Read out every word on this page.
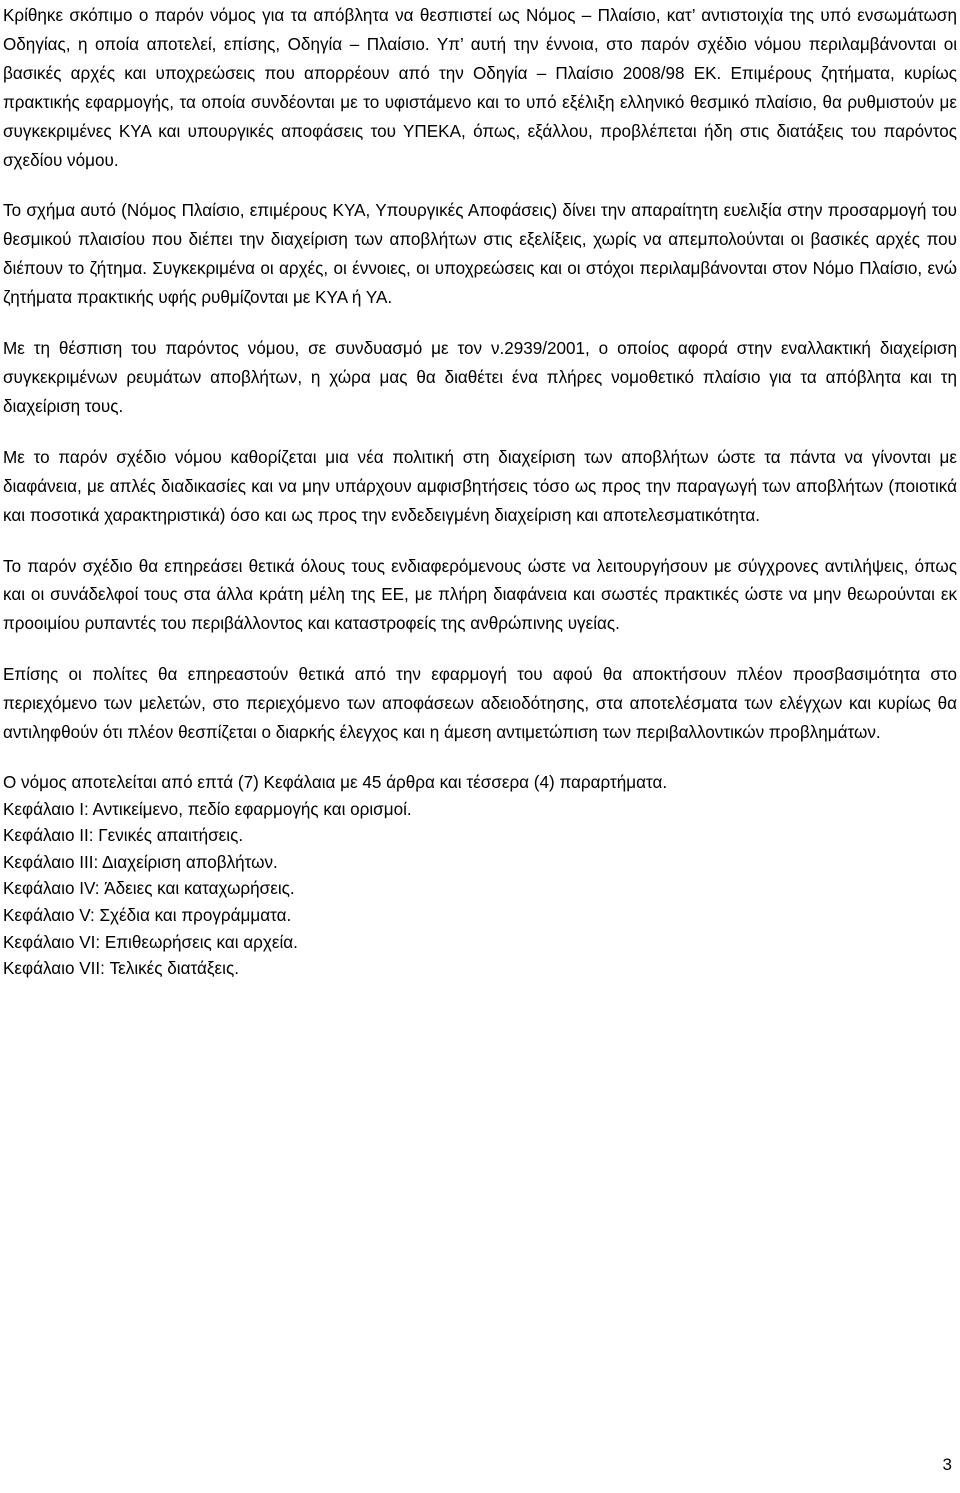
Κρίθηκε σκόπιμο ο παρόν νόμος για τα απόβλητα να θεσπιστεί ως Νόμος – Πλαίσιο, κατ’ αντιστοιχία της υπό ενσωμάτωση Οδηγίας, η οποία αποτελεί, επίσης, Οδηγία – Πλαίσιο. Υπ’ αυτή την έννοια, στο παρόν σχέδιο νόμου περιλαμβάνονται οι βασικές αρχές και υποχρεώσεις που απορρέουν από την Οδηγία – Πλαίσιο 2008/98 ΕΚ. Επιμέρους ζητήματα, κυρίως πρακτικής εφαρμογής, τα οποία συνδέονται με το υφιστάμενο και το υπό εξέλιξη ελληνικό θεσμικό πλαίσιο, θα ρυθμιστούν με συγκεκριμένες ΚΥΑ και υπουργικές αποφάσεις του ΥΠΕΚΑ, όπως, εξάλλου, προβλέπεται ήδη στις διατάξεις του παρόντος σχεδίου νόμου.

Το σχήμα αυτό (Νόμος Πλαίσιο, επιμέρους ΚΥΑ, Υπουργικές Αποφάσεις) δίνει την απαραίτητη ευελιξία στην προσαρμογή του θεσμικού πλαισίου που διέπει την διαχείριση των αποβλήτων στις εξελίξεις, χωρίς να απεμπολούνται οι βασικές αρχές που διέπουν το ζήτημα. Συγκεκριμένα οι αρχές, οι έννοιες, οι υποχρεώσεις και οι στόχοι περιλαμβάνονται στον Νόμο Πλαίσιο, ενώ ζητήματα πρακτικής υφής ρυθμίζονται με ΚΥΑ ή ΥΑ.

Με τη θέσπιση του παρόντος νόμου, σε συνδυασμό με τον ν.2939/2001, ο οποίος αφορά στην εναλλακτική διαχείριση συγκεκριμένων ρευμάτων αποβλήτων, η χώρα μας θα διαθέτει ένα πλήρες νομοθετικό πλαίσιο για τα απόβλητα και τη διαχείριση τους.

Με το παρόν σχέδιο νόμου καθορίζεται μια νέα πολιτική στη διαχείριση των αποβλήτων ώστε τα πάντα να γίνονται με διαφάνεια, με απλές διαδικασίες και να μην υπάρχουν αμφισβητήσεις τόσο ως προς την παραγωγή των αποβλήτων (ποιοτικά και ποσοτικά χαρακτηριστικά) όσο και ως προς την ενδεδειγμένη διαχείριση και αποτελεσματικότητα.

Το παρόν σχέδιο θα επηρεάσει θετικά όλους τους ενδιαφερόμενους ώστε να λειτουργήσουν με σύγχρονες αντιλήψεις, όπως και οι συνάδελφοί τους στα άλλα κράτη μέλη της ΕΕ, με πλήρη διαφάνεια και σωστές πρακτικές ώστε να μην θεωρούνται εκ προοιμίου ρυπαντές του περιβάλλοντος και καταστροφείς της ανθρώπινης υγείας.

Επίσης οι πολίτες θα επηρεαστούν θετικά από την εφαρμογή του αφού θα αποκτήσουν πλέον προσβασιμότητα στο περιεχόμενο των μελετών, στο περιεχόμενο των αποφάσεων αδειοδότησης, στα αποτελέσματα των ελέγχων και κυρίως θα αντιληφθούν ότι πλέον θεσπίζεται ο διαρκής έλεγχος και η άμεση αντιμετώπιση των περιβαλλοντικών προβλημάτων.

Ο νόμος αποτελείται από επτά (7) Κεφάλαια με 45 άρθρα και τέσσερα (4) παραρτήματα.

Κεφάλαιο Ι: Αντικείμενο, πεδίο εφαρμογής και ορισμοί.

Κεφάλαιο ΙΙ: Γενικές απαιτήσεις.

Κεφάλαιο ΙΙΙ: Διαχείριση αποβλήτων.

Κεφάλαιο ΙV: Άδειες και καταχωρήσεις.

Κεφάλαιο V: Σχέδια και προγράμματα.

Κεφάλαιο VI: Επιθεωρήσεις και αρχεία.

Κεφάλαιο VII: Τελικές διατάξεις.

3
